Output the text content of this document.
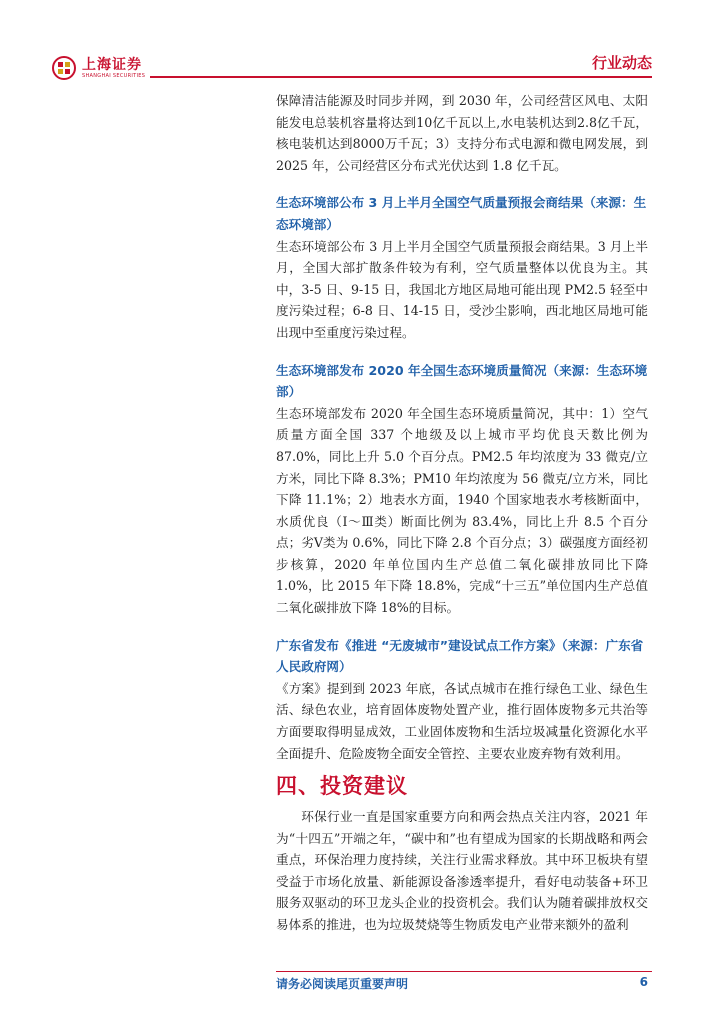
上海证券
SHANGHAI SECURITIES
行业动态

保障清洁能源及时同步并网，到 2030 年，公司经营区风电、太阳能发电总装机容量将达到10亿千瓦以上,水电装机达到2.8亿千瓦，核电装机达到8000万千瓦；3）支持分布式电源和微电网发展，到 2025 年，公司经营区分布式光伏达到 1.8 亿千瓦。

生态环境部公布 3 月上半月全国空气质量预报会商结果（来源：生态环境部）

生态环境部公布 3 月上半月全国空气质量预报会商结果。3 月上半月，全国大部扩散条件较为有利，空气质量整体以优良为主。其中，3-5 日、9-15 日，我国北方地区局地可能出现 PM2.5 轻至中度污染过程；6-8 日、14-15 日，受沙尘影响，西北地区局地可能出现中至重度污染过程。

生态环境部发布 2020 年全国生态环境质量简况（来源：生态环境部）

生态环境部发布 2020 年全国生态环境质量简况，其中：1）空气质量方面全国 337 个地级及以上城市平均优良天数比例为 87.0%，同比上升 5.0 个百分点。PM2.5 年均浓度为 33 微克/立方米，同比下降 8.3%；PM10 年均浓度为 56 微克/立方米，同比下降 11.1%；2）地表水方面，1940 个国家地表水考核断面中，水质优良（Ⅰ～Ⅲ类）断面比例为 83.4%，同比上升 8.5 个百分点；劣Ⅴ类为 0.6%，同比下降 2.8 个百分点；3）碳强度方面经初步核算，2020 年单位国内生产总值二氧化碳排放同比下降 1.0%，比 2015 年下降 18.8%，完成“十三五”单位国内生产总值二氧化碳排放下降 18%的目标。

广东省发布《推进 “无废城市”建设试点工作方案》（来源：广东省人民政府网）

《方案》提到到 2023 年底，各试点城市在推行绿色工业、绿色生活、绿色农业，培育固体废物处置产业，推行固体废物多元共治等方面要取得明显成效，工业固体废物和生活垃圾减量化资源化水平全面提升、危险废物全面安全管控、主要农业废弃物有效利用。

四、投资建议

环保行业一直是国家重要方向和两会热点关注内容，2021 年为“十四五”开端之年，“碳中和”也有望成为国家的长期战略和两会重点，环保治理力度持续，关注行业需求释放。其中环卫板块有望受益于市场化放量、新能源设备渗透率提升，看好电动装备+环卫服务双驱动的环卫龙头企业的投资机会。我们认为随着碳排放权交易体系的推进，也为垃圾焚烧等生物质发电产业带来额外的盈利

请务必阅读尾页重要声明	6
